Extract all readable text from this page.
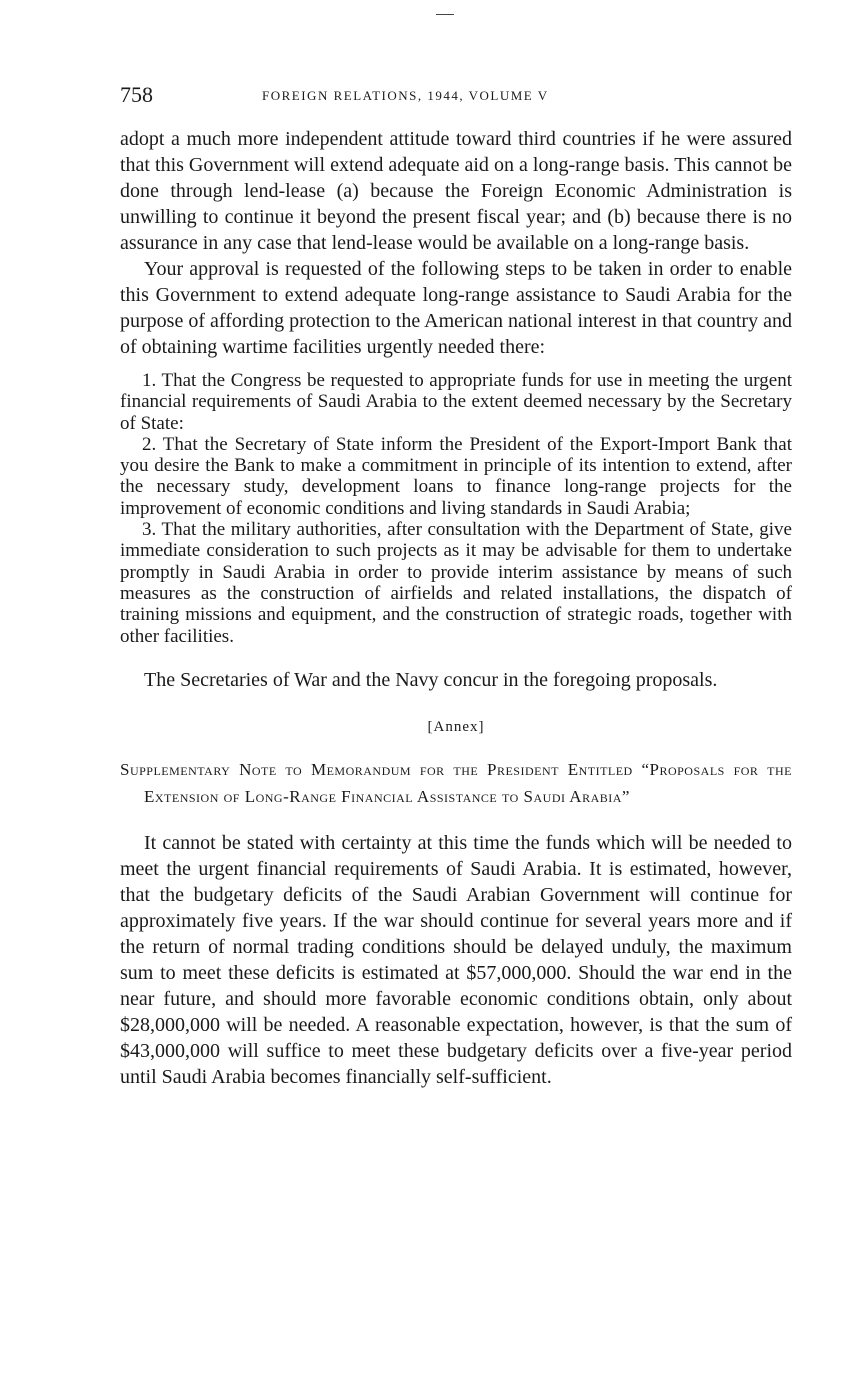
758	FOREIGN RELATIONS, 1944, VOLUME V

adopt a much more independent attitude toward third countries if he were assured that this Government will extend adequate aid on a long-range basis. This cannot be done through lend-lease (a) because the Foreign Economic Administration is unwilling to continue it beyond the present fiscal year; and (b) because there is no assurance in any case that lend-lease would be available on a long-range basis.

Your approval is requested of the following steps to be taken in order to enable this Government to extend adequate long-range assistance to Saudi Arabia for the purpose of affording protection to the American national interest in that country and of obtaining wartime facilities urgently needed there:

1. That the Congress be requested to appropriate funds for use in meeting the urgent financial requirements of Saudi Arabia to the extent deemed necessary by the Secretary of State:
2. That the Secretary of State inform the President of the Export-Import Bank that you desire the Bank to make a commitment in principle of its intention to extend, after the necessary study, development loans to finance long-range projects for the improvement of economic conditions and living standards in Saudi Arabia;
3. That the military authorities, after consultation with the Department of State, give immediate consideration to such projects as it may be advisable for them to undertake promptly in Saudi Arabia in order to provide interim assistance by means of such measures as the construction of airfields and related installations, the dispatch of training missions and equipment, and the construction of strategic roads, together with other facilities.

The Secretaries of War and the Navy concur in the foregoing proposals.

[Annex]

Supplementary Note to Memorandum for the President Entitled “Proposals for the Extension of Long-Range Financial Assistance to Saudi Arabia”

It cannot be stated with certainty at this time the funds which will be needed to meet the urgent financial requirements of Saudi Arabia. It is estimated, however, that the budgetary deficits of the Saudi Arabian Government will continue for approximately five years. If the war should continue for several years more and if the return of normal trading conditions should be delayed unduly, the maximum sum to meet these deficits is estimated at $57,000,000. Should the war end in the near future, and should more favorable economic conditions obtain, only about $28,000,000 will be needed. A reasonable expectation, however, is that the sum of $43,000,000 will suffice to meet these budgetary deficits over a five-year period until Saudi Arabia becomes financially self-sufficient.
